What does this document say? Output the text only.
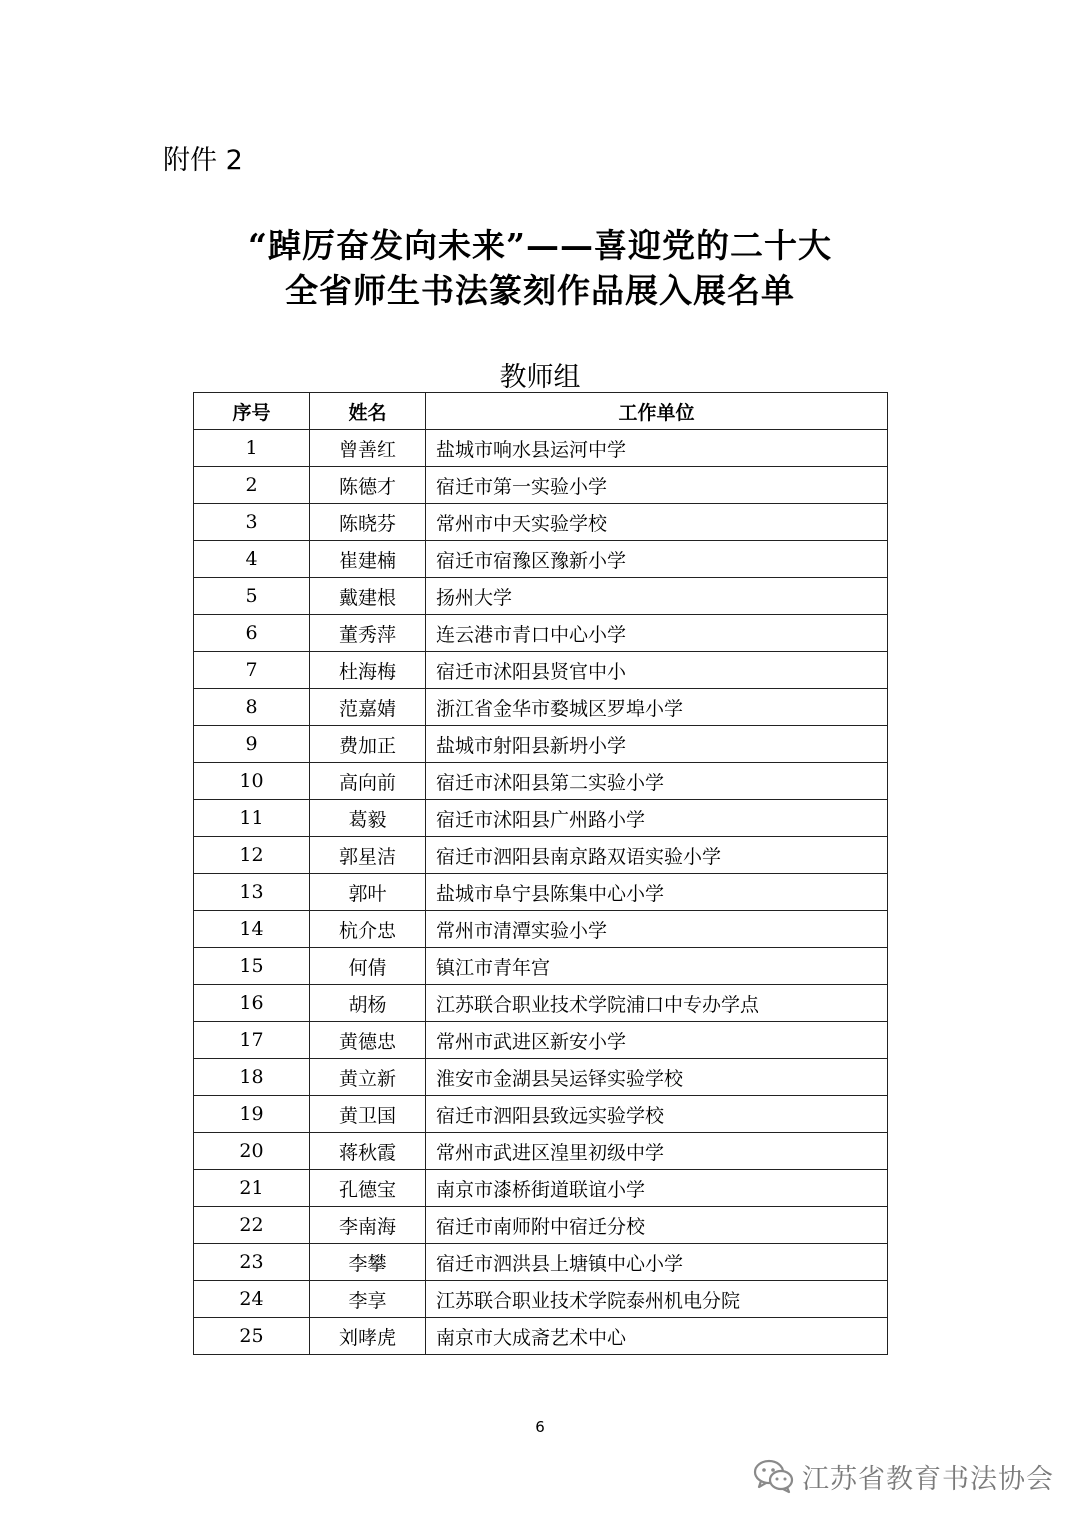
附件 2
“踔厉奋发向未来”——喜迎党的二十大
全省师生书法篆刻作品展入展名单
教师组
序号	姓名	工作单位
1	曾善红	盐城市响水县运河中学
2	陈德才	宿迁市第一实验小学
3	陈晓芬	常州市中天实验学校
4	崔建楠	宿迁市宿豫区豫新小学
5	戴建根	扬州大学
6	董秀萍	连云港市青口中心小学
7	杜海梅	宿迁市沭阳县贤官中小
8	范嘉婧	浙江省金华市婺城区罗埠小学
9	费加正	盐城市射阳县新坍小学
10	高向前	宿迁市沭阳县第二实验小学
11	葛毅	宿迁市沭阳县广州路小学
12	郭星洁	宿迁市泗阳县南京路双语实验小学
13	郭叶	盐城市阜宁县陈集中心小学
14	杭介忠	常州市清潭实验小学
15	何倩	镇江市青年宫
16	胡杨	江苏联合职业技术学院浦口中专办学点
17	黄德忠	常州市武进区新安小学
18	黄立新	淮安市金湖县吴运铎实验学校
19	黄卫国	宿迁市泗阳县致远实验学校
20	蒋秋霞	常州市武进区湟里初级中学
21	孔德宝	南京市漆桥街道联谊小学
22	李南海	宿迁市南师附中宿迁分校
23	李攀	宿迁市泗洪县上塘镇中心小学
24	李享	江苏联合职业技术学院泰州机电分院
25	刘哮虎	南京市大成斋艺术中心
6
江苏省教育书法协会
